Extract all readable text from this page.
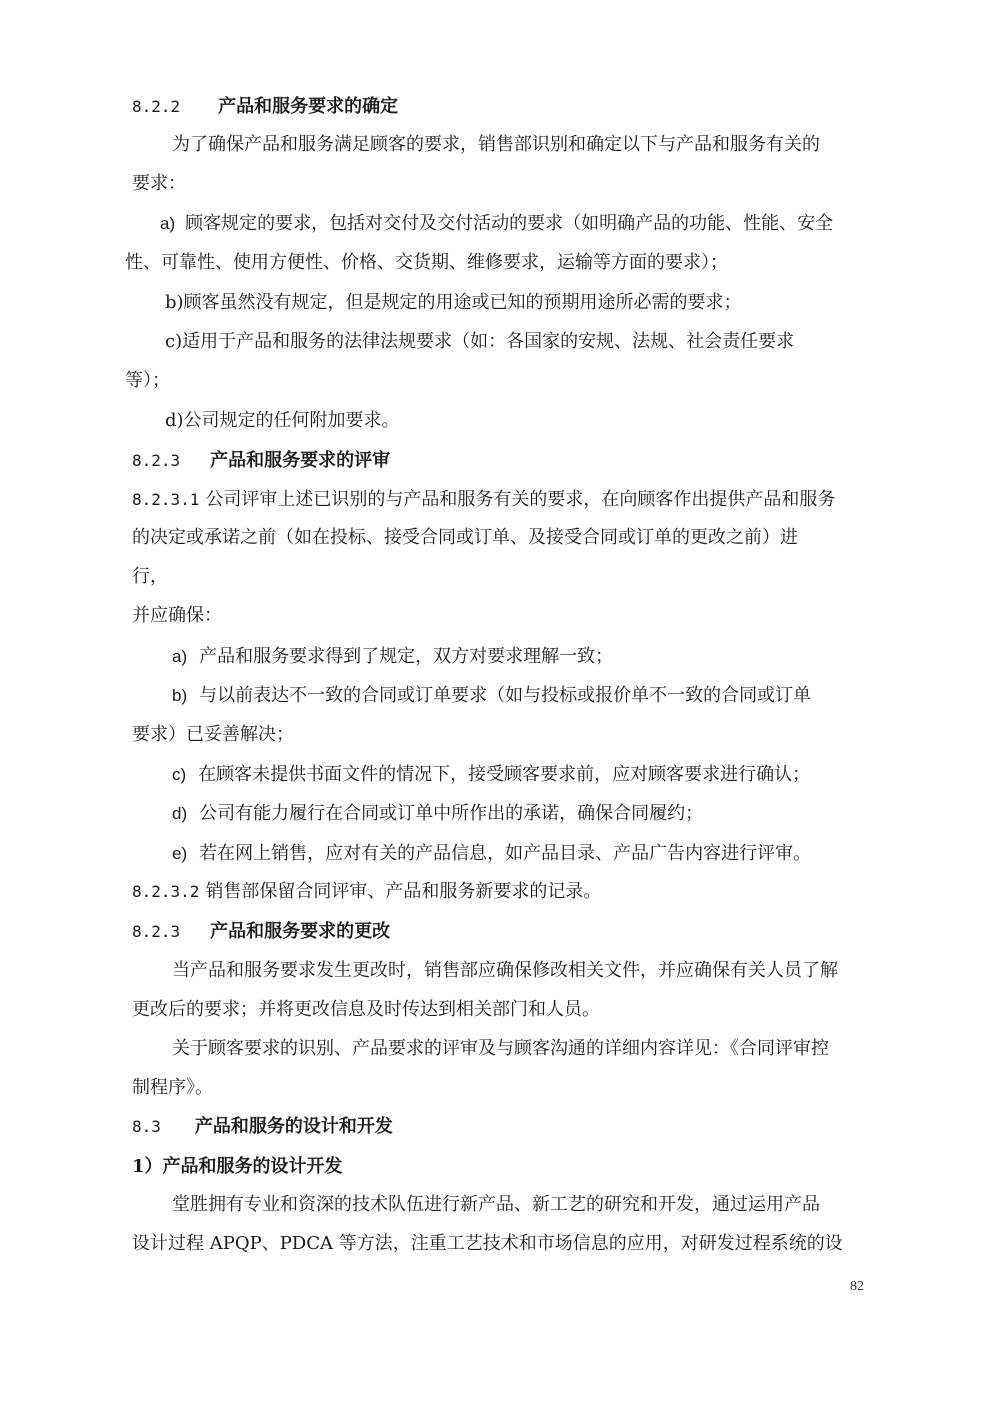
8.2.2 产品和服务要求的确定
为了确保产品和服务满足顾客的要求，销售部识别和确定以下与产品和服务有关的
要求：
a) 顾客规定的要求，包括对交付及交付活动的要求（如明确产品的功能、性能、安全
性、可靠性、使用方便性、价格、交货期、维修要求，运输等方面的要求）；
b)顾客虽然没有规定，但是规定的用途或已知的预期用途所必需的要求；
c)适用于产品和服务的法律法规要求（如：各国家的安规、法规、社会责任要求
等）；
d)公司规定的任何附加要求。
8.2.3 产品和服务要求的评审
8.2.3.1 公司评审上述已识别的与产品和服务有关的要求，在向顾客作出提供产品和服务
的决定或承诺之前（如在投标、接受合同或订单、及接受合同或订单的更改之前）进
行，
并应确保：
a) 产品和服务要求得到了规定，双方对要求理解一致；
b) 与以前表达不一致的合同或订单要求（如与投标或报价单不一致的合同或订单
要求）已妥善解决；
c) 在顾客未提供书面文件的情况下，接受顾客要求前，应对顾客要求进行确认；
d) 公司有能力履行在合同或订单中所作出的承诺，确保合同履约；
e) 若在网上销售，应对有关的产品信息，如产品目录、产品广告内容进行评审。
8.2.3.2 销售部保留合同评审、产品和服务新要求的记录。
8.2.3 产品和服务要求的更改
当产品和服务要求发生更改时，销售部应确保修改相关文件，并应确保有关人员了解
更改后的要求；并将更改信息及时传达到相关部门和人员。
关于顾客要求的识别、产品要求的评审及与顾客沟通的详细内容详见：《合同评审控
制程序》。
8.3 产品和服务的设计和开发
1）产品和服务的设计开发
堂胜拥有专业和资深的技术队伍进行新产品、新工艺的研究和开发，通过运用产品
设计过程 APQP、PDCA 等方法，注重工艺技术和市场信息的应用，对研发过程系统的设
82
